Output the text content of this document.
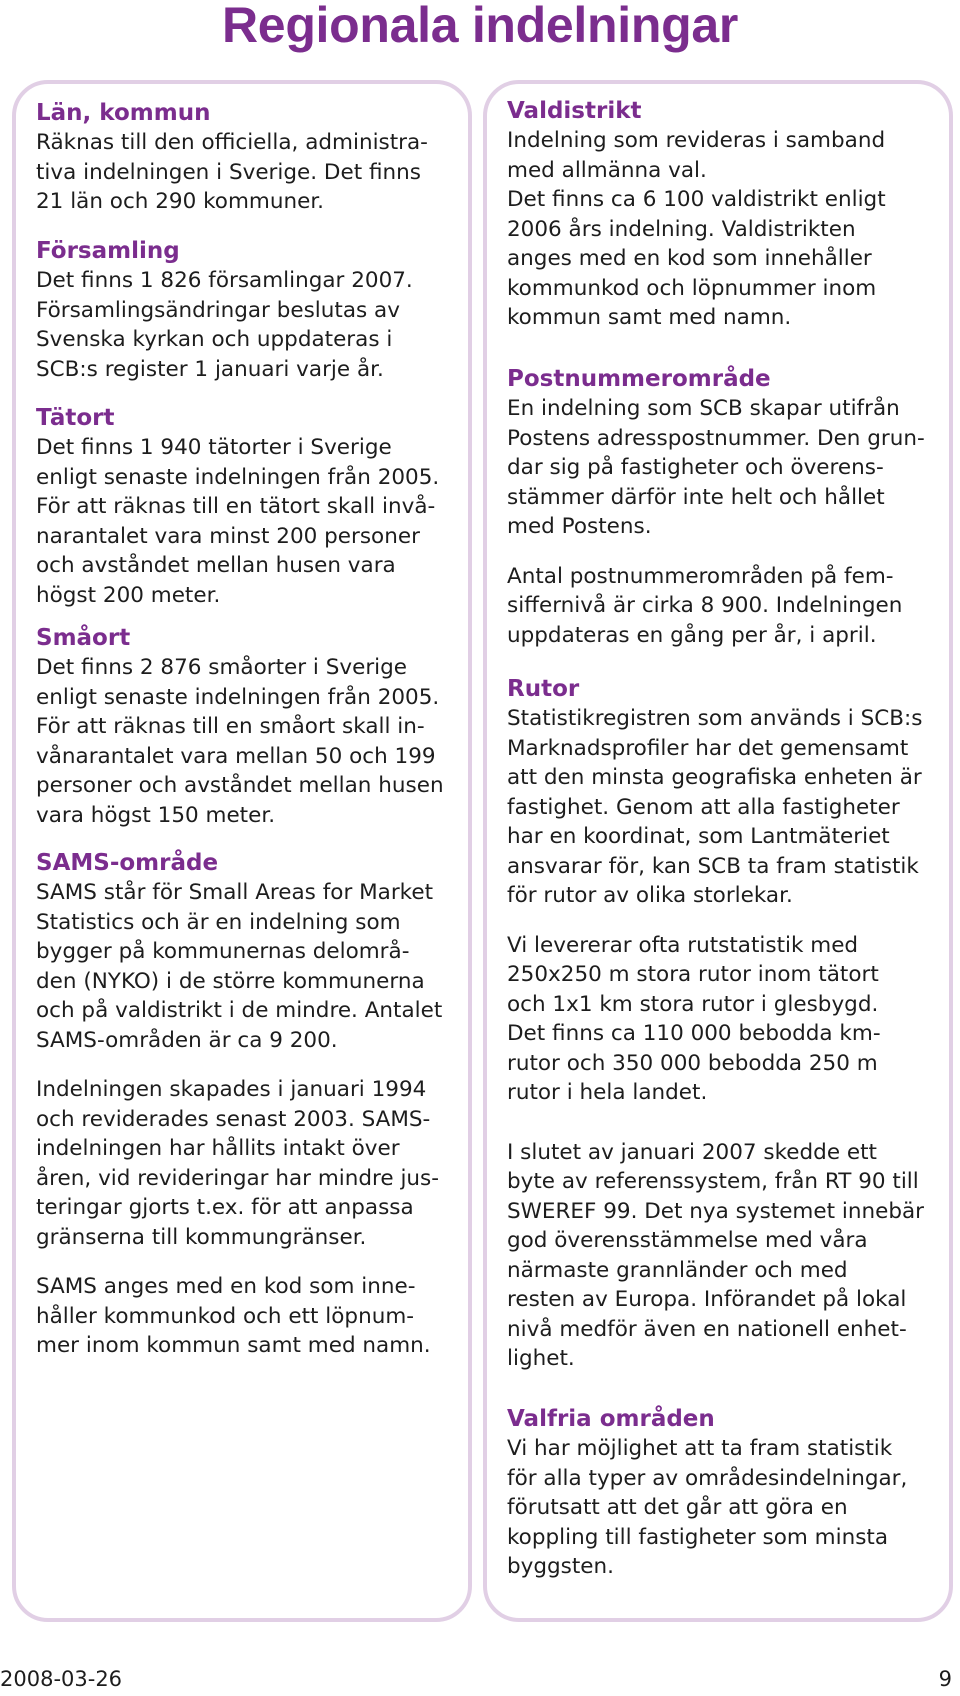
Regionala indelningar
Län, kommun

Räknas till den officiella, administra-
tiva indelningen i Sverige. Det finns
21 län och 290 kommuner.

Församling

Det finns 1 826 församlingar 2007.
Församlingsändringar beslutas av
Svenska kyrkan och uppdateras i
SCB:s register 1 januari varje år.

Tätort

Det finns 1 940 tätorter i Sverige
enligt senaste indelningen från 2005.
För att räknas till en tätort skall invå-
narantalet vara minst 200 personer
och avståndet mellan husen vara
högst 200 meter.

Småort

Det finns 2 876 småorter i Sverige
enligt senaste indelningen från 2005.
För att räknas till en småort skall in-
vånarantalet vara mellan 50 och 199
personer och avståndet mellan husen
vara högst 150 meter.

SAMS-område

SAMS står för Small Areas for Market
Statistics och är en indelning som
bygger på kommunernas delområ-
den (NYKO) i de större kommunerna
och på valdistrikt i de mindre. Antalet
SAMS-områden är ca 9 200.

Indelningen skapades i januari 1994
och reviderades senast 2003. SAMS-
indelningen har hållits intakt över
åren, vid revideringar har mindre jus-
teringar gjorts t.ex. för att anpassa
gränserna till kommungränser.

SAMS anges med en kod som inne-
håller kommunkod och ett löpnum-
mer inom kommun samt med namn.

Valdistrikt

Indelning som revideras i samband
med allmänna val.
Det finns ca 6 100 valdistrikt enligt
2006 års indelning. Valdistrikten
anges med en kod som innehåller
kommunkod och löpnummer inom
kommun samt med namn.

Postnummerområde

En indelning som SCB skapar utifrån
Postens adresspostnummer. Den grun-
dar sig på fastigheter och överens-
stämmer därför inte helt och hållet
med Postens.

Antal postnummerområden på fem-
siffernivå är cirka 8 900. Indelningen
uppdateras en gång per år, i april.

Rutor

Statistikregistren som används i SCB:s
Marknadsprofiler har det gemensamt
att den minsta geografiska enheten är
fastighet. Genom att alla fastigheter
har en koordinat, som Lantmäteriet
ansvarar för, kan SCB ta fram statistik
för rutor av olika storlekar.

Vi levererar ofta rutstatistik med
250x250 m stora rutor inom tätort
och 1x1 km stora rutor i glesbygd.
Det finns ca 110 000 bebodda km-
rutor och 350 000 bebodda 250 m
rutor i hela landet.

I slutet av januari 2007 skedde ett
byte av referenssystem, från RT 90 till
SWEREF 99. Det nya systemet innebär
god överensstämmelse med våra
närmaste grannländer och med
resten av Europa. Införandet på lokal
nivå medför även en nationell enhet-
lighet.

Valfria områden

Vi har möjlighet att ta fram statistik
för alla typer av områdesindelningar,
förutsatt att det går att göra en
koppling till fastigheter som minsta
byggsten.

2008-03-26	9
